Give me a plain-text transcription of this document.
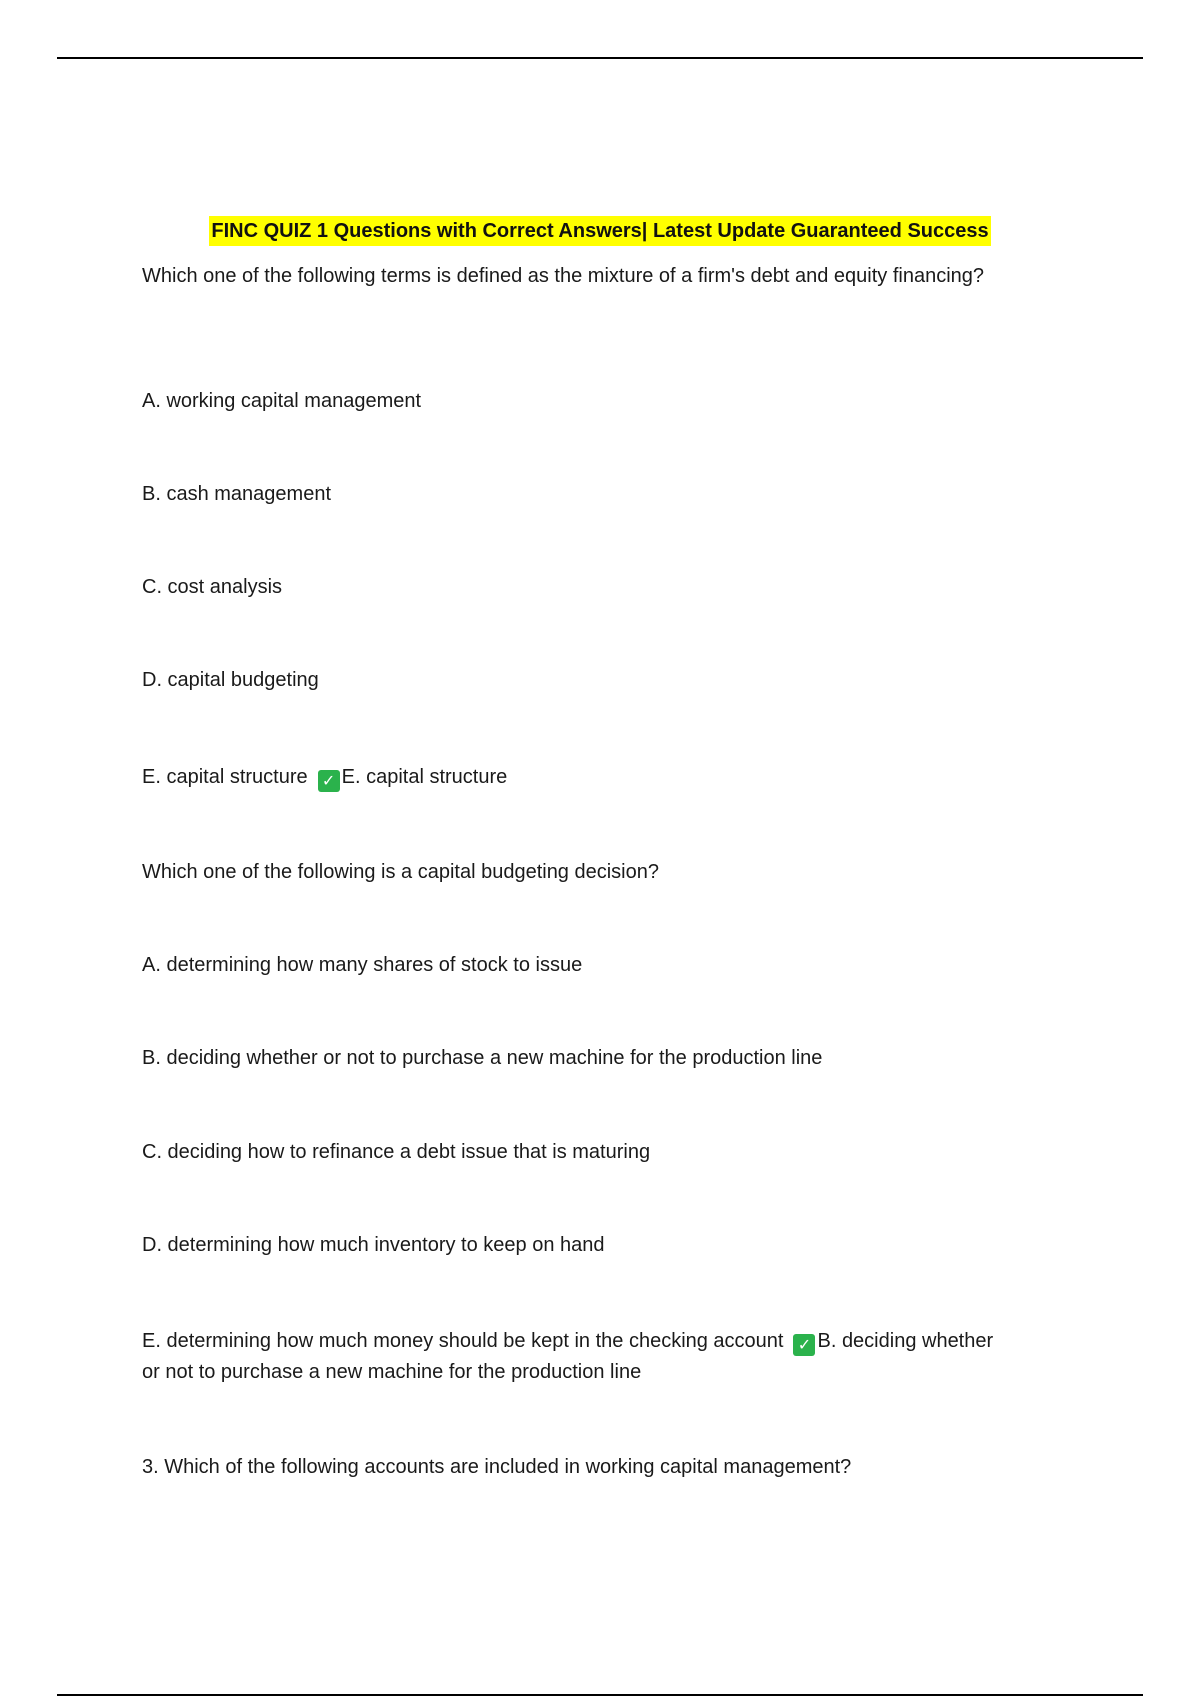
FINC QUIZ 1 Questions with Correct Answers| Latest Update Guaranteed Success
Which one of the following terms is defined as the mixture of a firm's debt and equity financing?
A. working capital management
B. cash management
C. cost analysis
D. capital budgeting
E. capital structure ✓ E. capital structure
Which one of the following is a capital budgeting decision?
A. determining how many shares of stock to issue
B. deciding whether or not to purchase a new machine for the production line
C. deciding how to refinance a debt issue that is maturing
D. determining how much inventory to keep on hand
E. determining how much money should be kept in the checking account ✓ B. deciding whether or not to purchase a new machine for the production line
3. Which of the following accounts are included in working capital management?
